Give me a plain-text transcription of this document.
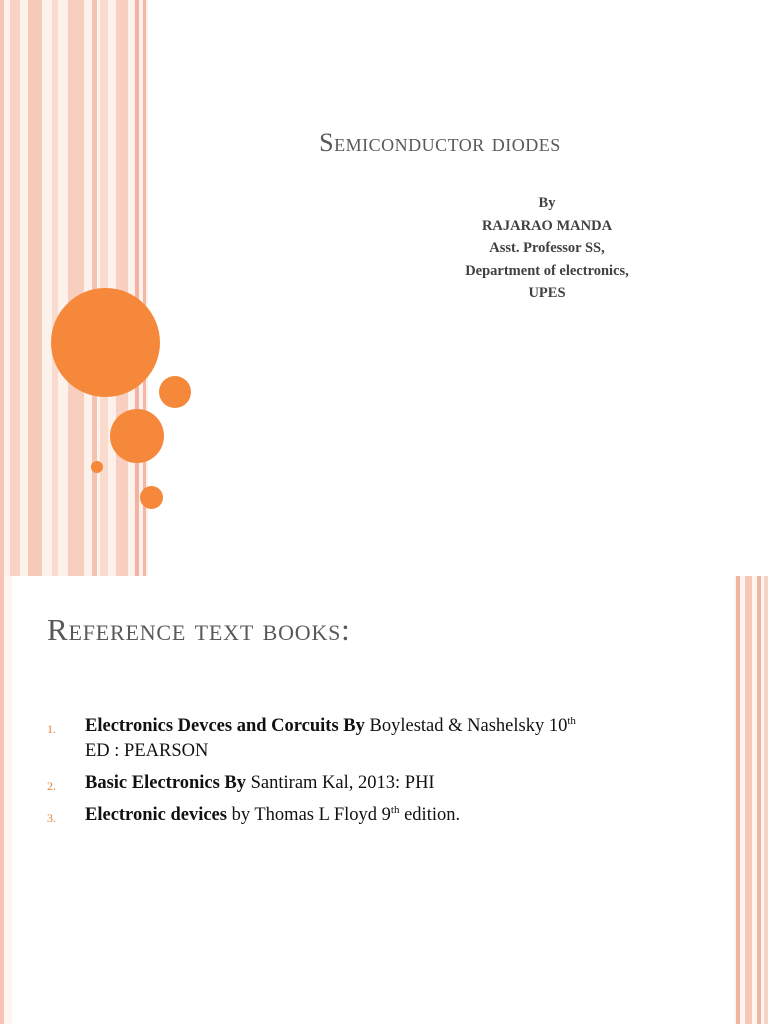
Semiconductor diodes
By
RAJARAO MANDA
Asst. Professor SS,
Department of electronics,
UPES
Reference text books:
1. Electronics Devces and Corcuits By Boylestad & Nashelsky 10th
ED : PEARSON
2. Basic Electronics By Santiram Kal, 2013: PHI
3. Electronic devices by Thomas L Floyd 9th edition.
